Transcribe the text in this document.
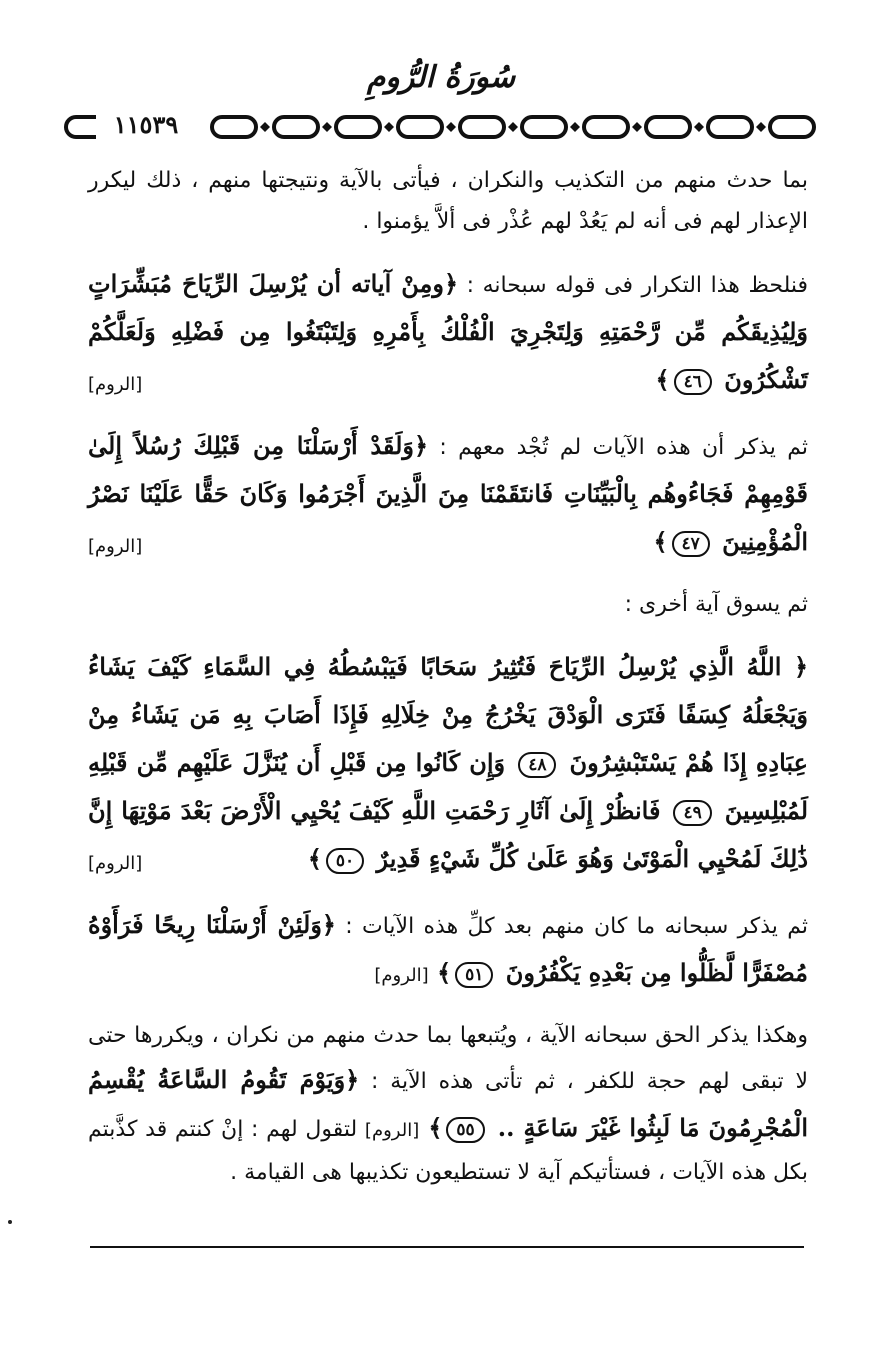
سُورَةُ الرُّومِ
١١٥٣٩

بما حدث منهم من التكذيب والنكران ، فيأتى بالآية ونتيجتها منهم ، ذلك ليكرر الإعذار لهم فى أنه لم يَعُدْ لهم عُذْر فى ألاَّ يؤمنوا .

فنلحظ هذا التكرار فى قوله سبحانه : ﴿ومِنْ آياته أن يُرْسِلَ الرِّيَاحَ مُبَشِّرَاتٍ وَلِيُذِيقَكُم مِّن رَّحْمَتِهِ وَلِتَجْرِيَ الْفُلْكُ بِأَمْرِهِ وَلِتَبْتَغُوا مِن فَضْلِهِ وَلَعَلَّكُمْ تَشْكُرُونَ ٤٦﴾
[الروم]

ثم يذكر أن هذه الآيات لم تُجْد معهم : ﴿وَلَقَدْ أَرْسَلْنَا مِن قَبْلِكَ رُسُلاً إِلَىٰ قَوْمِهِمْ فَجَاءُوهُم بِالْبَيِّنَاتِ فَانتَقَمْنَا مِنَ الَّذِينَ أَجْرَمُوا وَكَانَ حَقًّا عَلَيْنَا نَصْرُ الْمُؤْمِنِينَ ٤٧﴾
[الروم]

ثم يسوق آية أخرى :

﴿ اللَّهُ الَّذِي يُرْسِلُ الرِّيَاحَ فَتُثِيرُ سَحَابًا فَيَبْسُطُهُ فِي السَّمَاءِ كَيْفَ يَشَاءُ وَيَجْعَلُهُ كِسَفًا فَتَرَى الْوَدْقَ يَخْرُجُ مِنْ خِلَالِهِ فَإِذَا أَصَابَ بِهِ مَن يَشَاءُ مِنْ عِبَادِهِ إِذَا هُمْ يَسْتَبْشِرُونَ ٤٨ وَإِن كَانُوا مِن قَبْلِ أَن يُنَزَّلَ عَلَيْهِم مِّن قَبْلِهِ لَمُبْلِسِينَ ٤٩ فَانظُرْ إِلَىٰ آثَارِ رَحْمَتِ اللَّهِ كَيْفَ يُحْيِي الْأَرْضَ بَعْدَ مَوْتِهَا إِنَّ ذَٰلِكَ لَمُحْيِي الْمَوْتَىٰ وَهُوَ عَلَىٰ كُلِّ شَيْءٍ قَدِيرٌ ٥٠﴾
[الروم]

ثم يذكر سبحانه ما كان منهم بعد كلِّ هذه الآيات : ﴿وَلَئِنْ أَرْسَلْنَا رِيحًا فَرَأَوْهُ مُصْفَرًّا لَّظَلُّوا مِن بَعْدِهِ يَكْفُرُونَ ٥١﴾ [الروم]

وهكذا يذكر الحق سبحانه الآية ، ويُتبعها بما حدث منهم من نكران ، ويكررها حتى لا تبقى لهم حجة للكفر ، ثم تأتى هذه الآية : ﴿وَيَوْمَ تَقُومُ السَّاعَةُ يُقْسِمُ الْمُجْرِمُونَ مَا لَبِثُوا غَيْرَ سَاعَةٍ .. ٥٥﴾ [الروم] لتقول لهم : إنْ كنتم قد كذَّبتم بكل هذه الآيات ، فستأتيكم آية لا تستطيعون تكذيبها هى القيامة .
